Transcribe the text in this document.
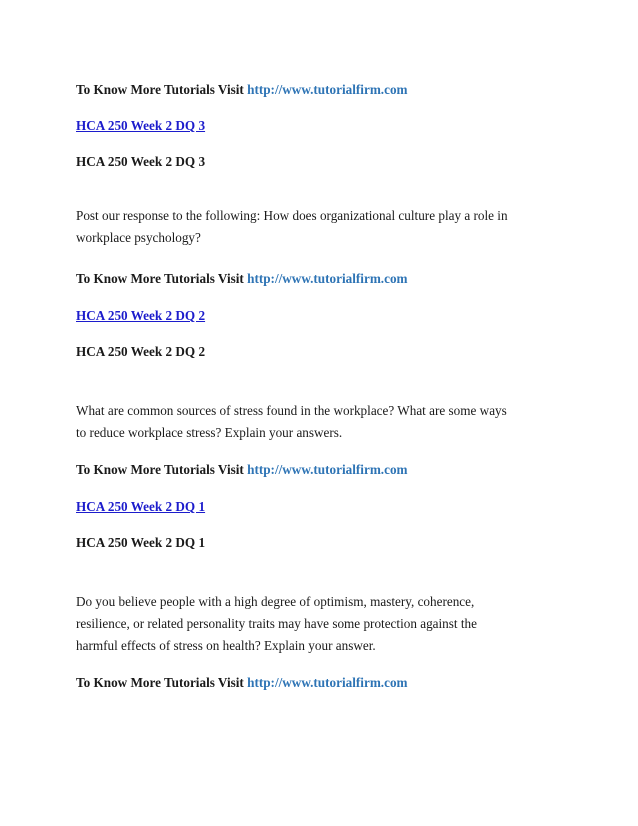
To Know More Tutorials Visit http://www.tutorialfirm.com
HCA 250 Week 2 DQ 3
HCA 250 Week 2 DQ 3
Post our response to the following: How does organizational culture play a role in
workplace psychology?
To Know More Tutorials Visit http://www.tutorialfirm.com
HCA 250 Week 2 DQ 2
HCA 250 Week 2 DQ 2
What are common sources of stress found in the workplace? What are some ways
to reduce workplace stress? Explain your answers.
To Know More Tutorials Visit http://www.tutorialfirm.com
HCA 250 Week 2 DQ 1
HCA 250 Week 2 DQ 1
Do you believe people with a high degree of optimism, mastery, coherence,
resilience, or related personality traits may have some protection against the
harmful effects of stress on health? Explain your answer.
To Know More Tutorials Visit http://www.tutorialfirm.com
